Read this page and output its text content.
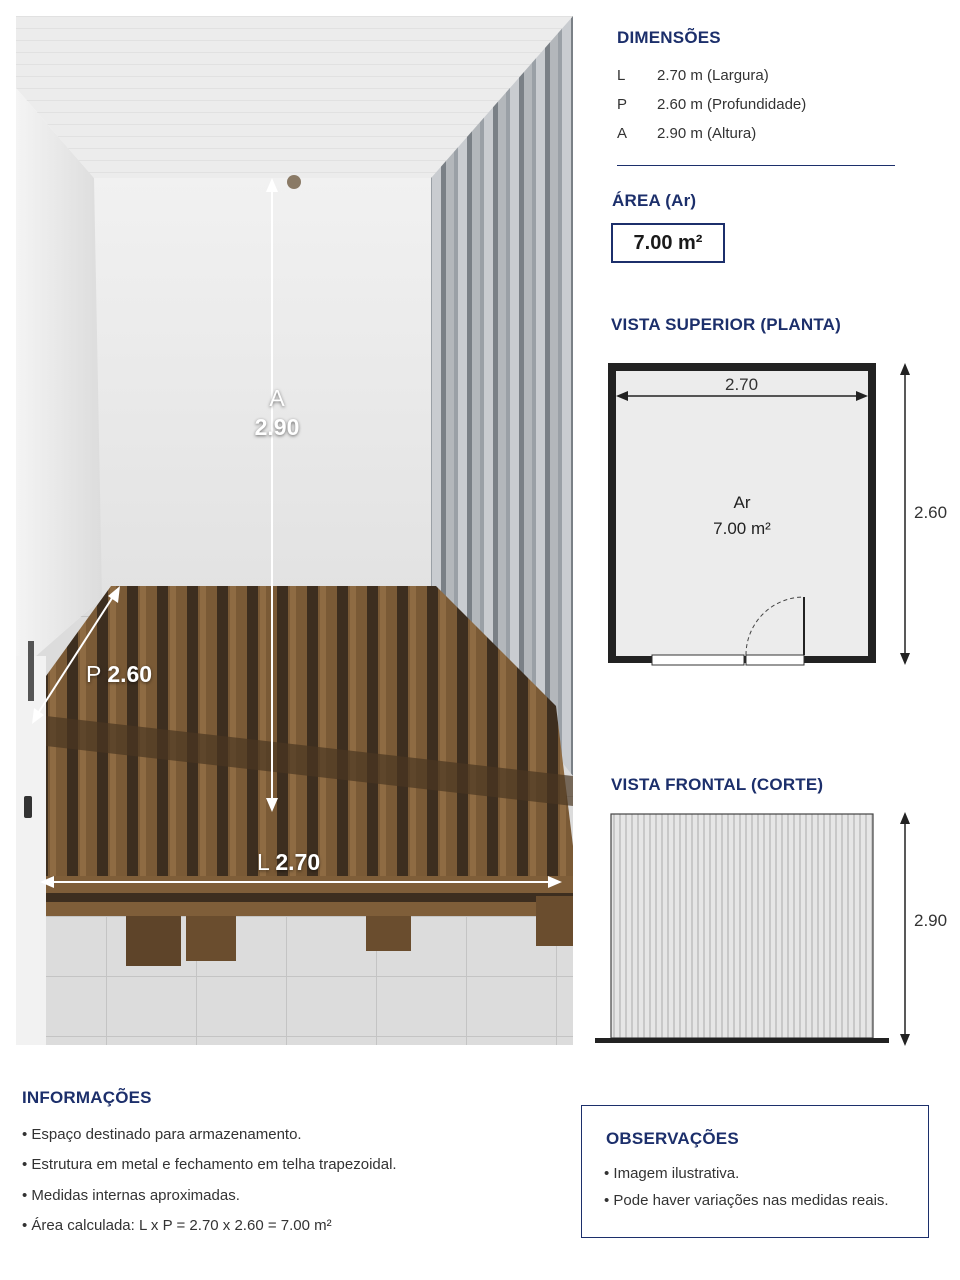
A
2.90
P 2.60
L 2.70
DIMENSÕES
L 2.70 m (Largura)
P 2.60 m (Profundidade)
A 2.90 m (Altura)
ÁREA (Ar)
7.00 m²
VISTA SUPERIOR (PLANTA)
2.70
2.60
Ar
7.00 m²
VISTA FRONTAL (CORTE)
2.90
INFORMAÇÕES
• Espaço destinado para armazenamento.
• Estrutura em metal e fechamento em telha trapezoidal.
• Medidas internas aproximadas.
• Área calculada: L x P = 2.70 x 2.60 = 7.00 m²
OBSERVAÇÕES
• Imagem ilustrativa.
• Pode haver variações nas medidas reais.
